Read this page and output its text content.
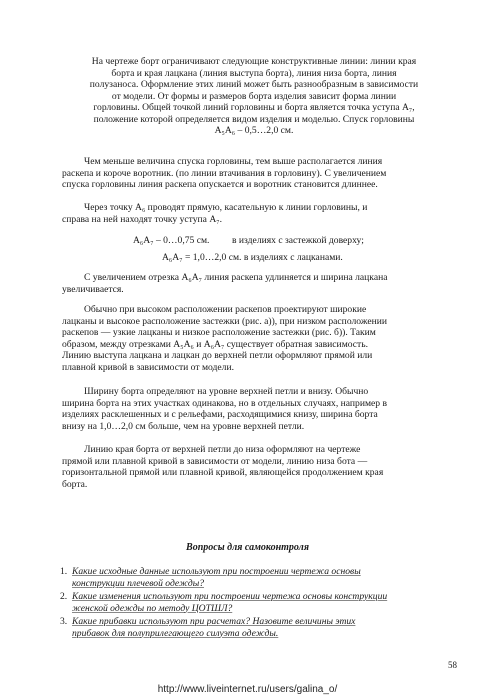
На чертеже борт ограничивают следующие конструктивные линии: линии края
борта и края лацкана (линия выступа борта), линия низа борта, линия
полузаноса. Оформление этих линий может быть разнообразным в зависимости
от модели. От формы и размеров борта изделия зависит форма линии
горловины. Общей точкой линий горловины и борта является точка уступа A₇,
положение которой определяется видом изделия и моделью. Спуск горловины
A₅A₆ – 0,5…2,0 см.
Чем меньше величина спуска горловины, тем выше располагается линия
раскепа и короче воротник. (по линии втачивания в горловину). С увеличением
спуска горловины линия раскепа опускается и воротник становится длиннее.
Через точку A₆ проводят прямую, касательную к линии горловины, и
справа на ней находят точку уступа A₇.
A₆A₇ – 0…0,75 см. в изделиях с застежкой доверху;
A₆A₇ = 1,0…2,0 см. в изделиях с лацканами.
С увеличением отрезка A₆A₇ линия раскепа удлиняется и ширина лацкана
увеличивается.
Обычно при высоком расположении раскепов проектируют широкие
лацканы и высокое расположение застежки (рис. а)), при низком расположении
раскепов — узкие лацканы и низкое расположение застежки (рис. б)). Таким
образом, между отрезками A₅A₆ и A₆A₇ существует обратная зависимость.
Линию выступа лацкана и лацкан до верхней петли оформляют прямой или
плавной кривой в зависимости от модели.
Ширину борта определяют на уровне верхней петли и внизу. Обычно
ширина борта на этих участках одинакова, но в отдельных случаях, например в
изделиях расклешенных и с рельефами, расходящимися книзу, ширина борта
внизу на 1,0…2,0 см больше, чем на уровне верхней петли.
Линию края борта от верхней петли до низа оформляют на чертеже
прямой или плавной кривой в зависимости от модели, линию низа бота —
горизонтальной прямой или плавной кривой, являющейся продолжением края
борта.
Вопросы для самоконтроля
1. Какие исходные данные используют при построении чертежа основы
конструкции плечевой одежды?
2. Какие изменения используют при построении чертежа основы конструкции
женской одежды по методу ЦОТШЛ?
3. Какие прибавки используют при расчетах? Назовите величины этих
прибавок для полуприлегающего силуэта одежды.
58
http://www.liveinternet.ru/users/galina_o/
